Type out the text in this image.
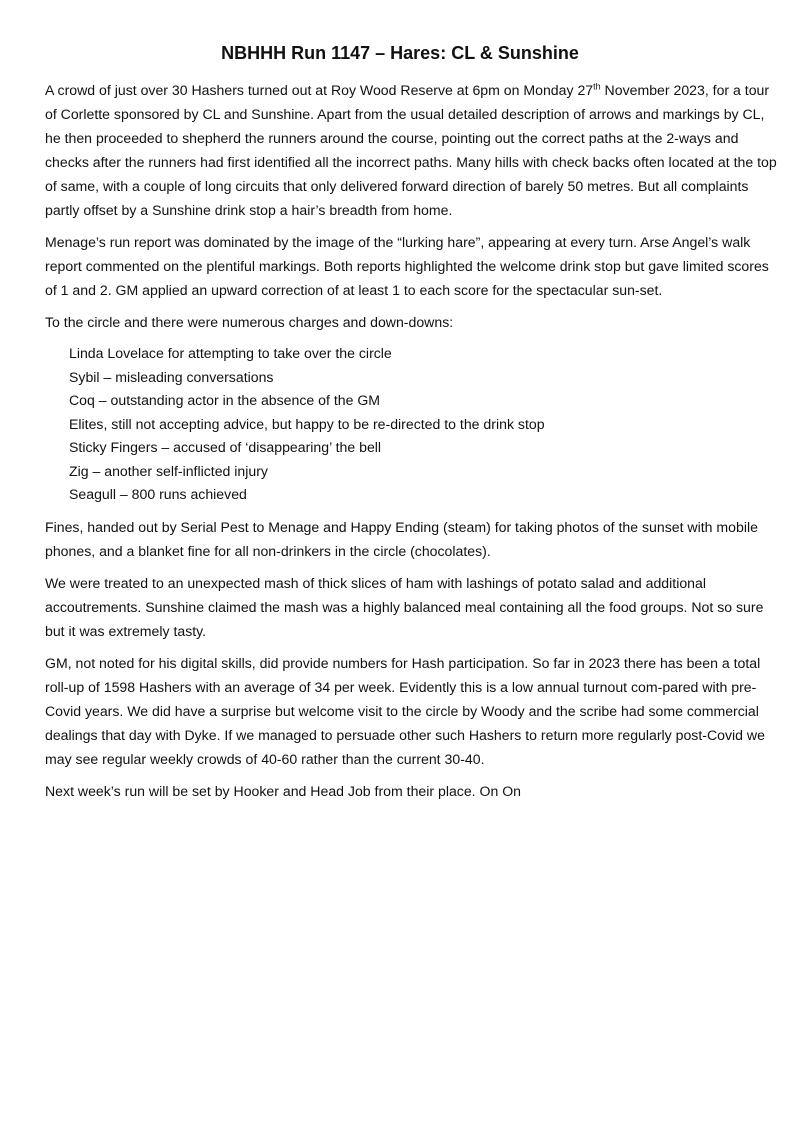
NBHHH Run 1147 – Hares: CL & Sunshine

A crowd of just over 30 Hashers turned out at Roy Wood Reserve at 6pm on Monday 27th November 2023, for a tour of Corlette sponsored by CL and Sunshine. Apart from the usual detailed description of arrows and markings by CL, he then proceeded to shepherd the runners around the course, pointing out the correct paths at the 2-ways and checks after the runners had first identified all the incorrect paths. Many hills with check backs often located at the top of same, with a couple of long circuits that only delivered forward direction of barely 50 metres. But all complaints partly offset by a Sunshine drink stop a hair’s breadth from home.

Menage’s run report was dominated by the image of the “lurking hare”, appearing at every turn. Arse Angel’s walk report commented on the plentiful markings. Both reports highlighted the welcome drink stop but gave limited scores of 1 and 2. GM applied an upward correction of at least 1 to each score for the spectacular sun-set.

To the circle and there were numerous charges and down-downs:

Linda Lovelace for attempting to take over the circle
Sybil – misleading conversations
Coq – outstanding actor in the absence of the GM
Elites, still not accepting advice, but happy to be re-directed to the drink stop
Sticky Fingers – accused of ‘disappearing’ the bell
Zig – another self-inflicted injury
Seagull – 800 runs achieved

Fines, handed out by Serial Pest to Menage and Happy Ending (steam) for taking photos of the sunset with mobile phones, and a blanket fine for all non-drinkers in the circle (chocolates).

We were treated to an unexpected mash of thick slices of ham with lashings of potato salad and additional accoutrements. Sunshine claimed the mash was a highly balanced meal containing all the food groups. Not so sure but it was extremely tasty.

GM, not noted for his digital skills, did provide numbers for Hash participation. So far in 2023 there has been a total roll-up of 1598 Hashers with an average of 34 per week. Evidently this is a low annual turnout com-pared with pre-Covid years. We did have a surprise but welcome visit to the circle by Woody and the scribe had some commercial dealings that day with Dyke. If we managed to persuade other such Hashers to return more regularly post-Covid we may see regular weekly crowds of 40-60 rather than the current 30-40.

Next week’s run will be set by Hooker and Head Job from their place. On On
